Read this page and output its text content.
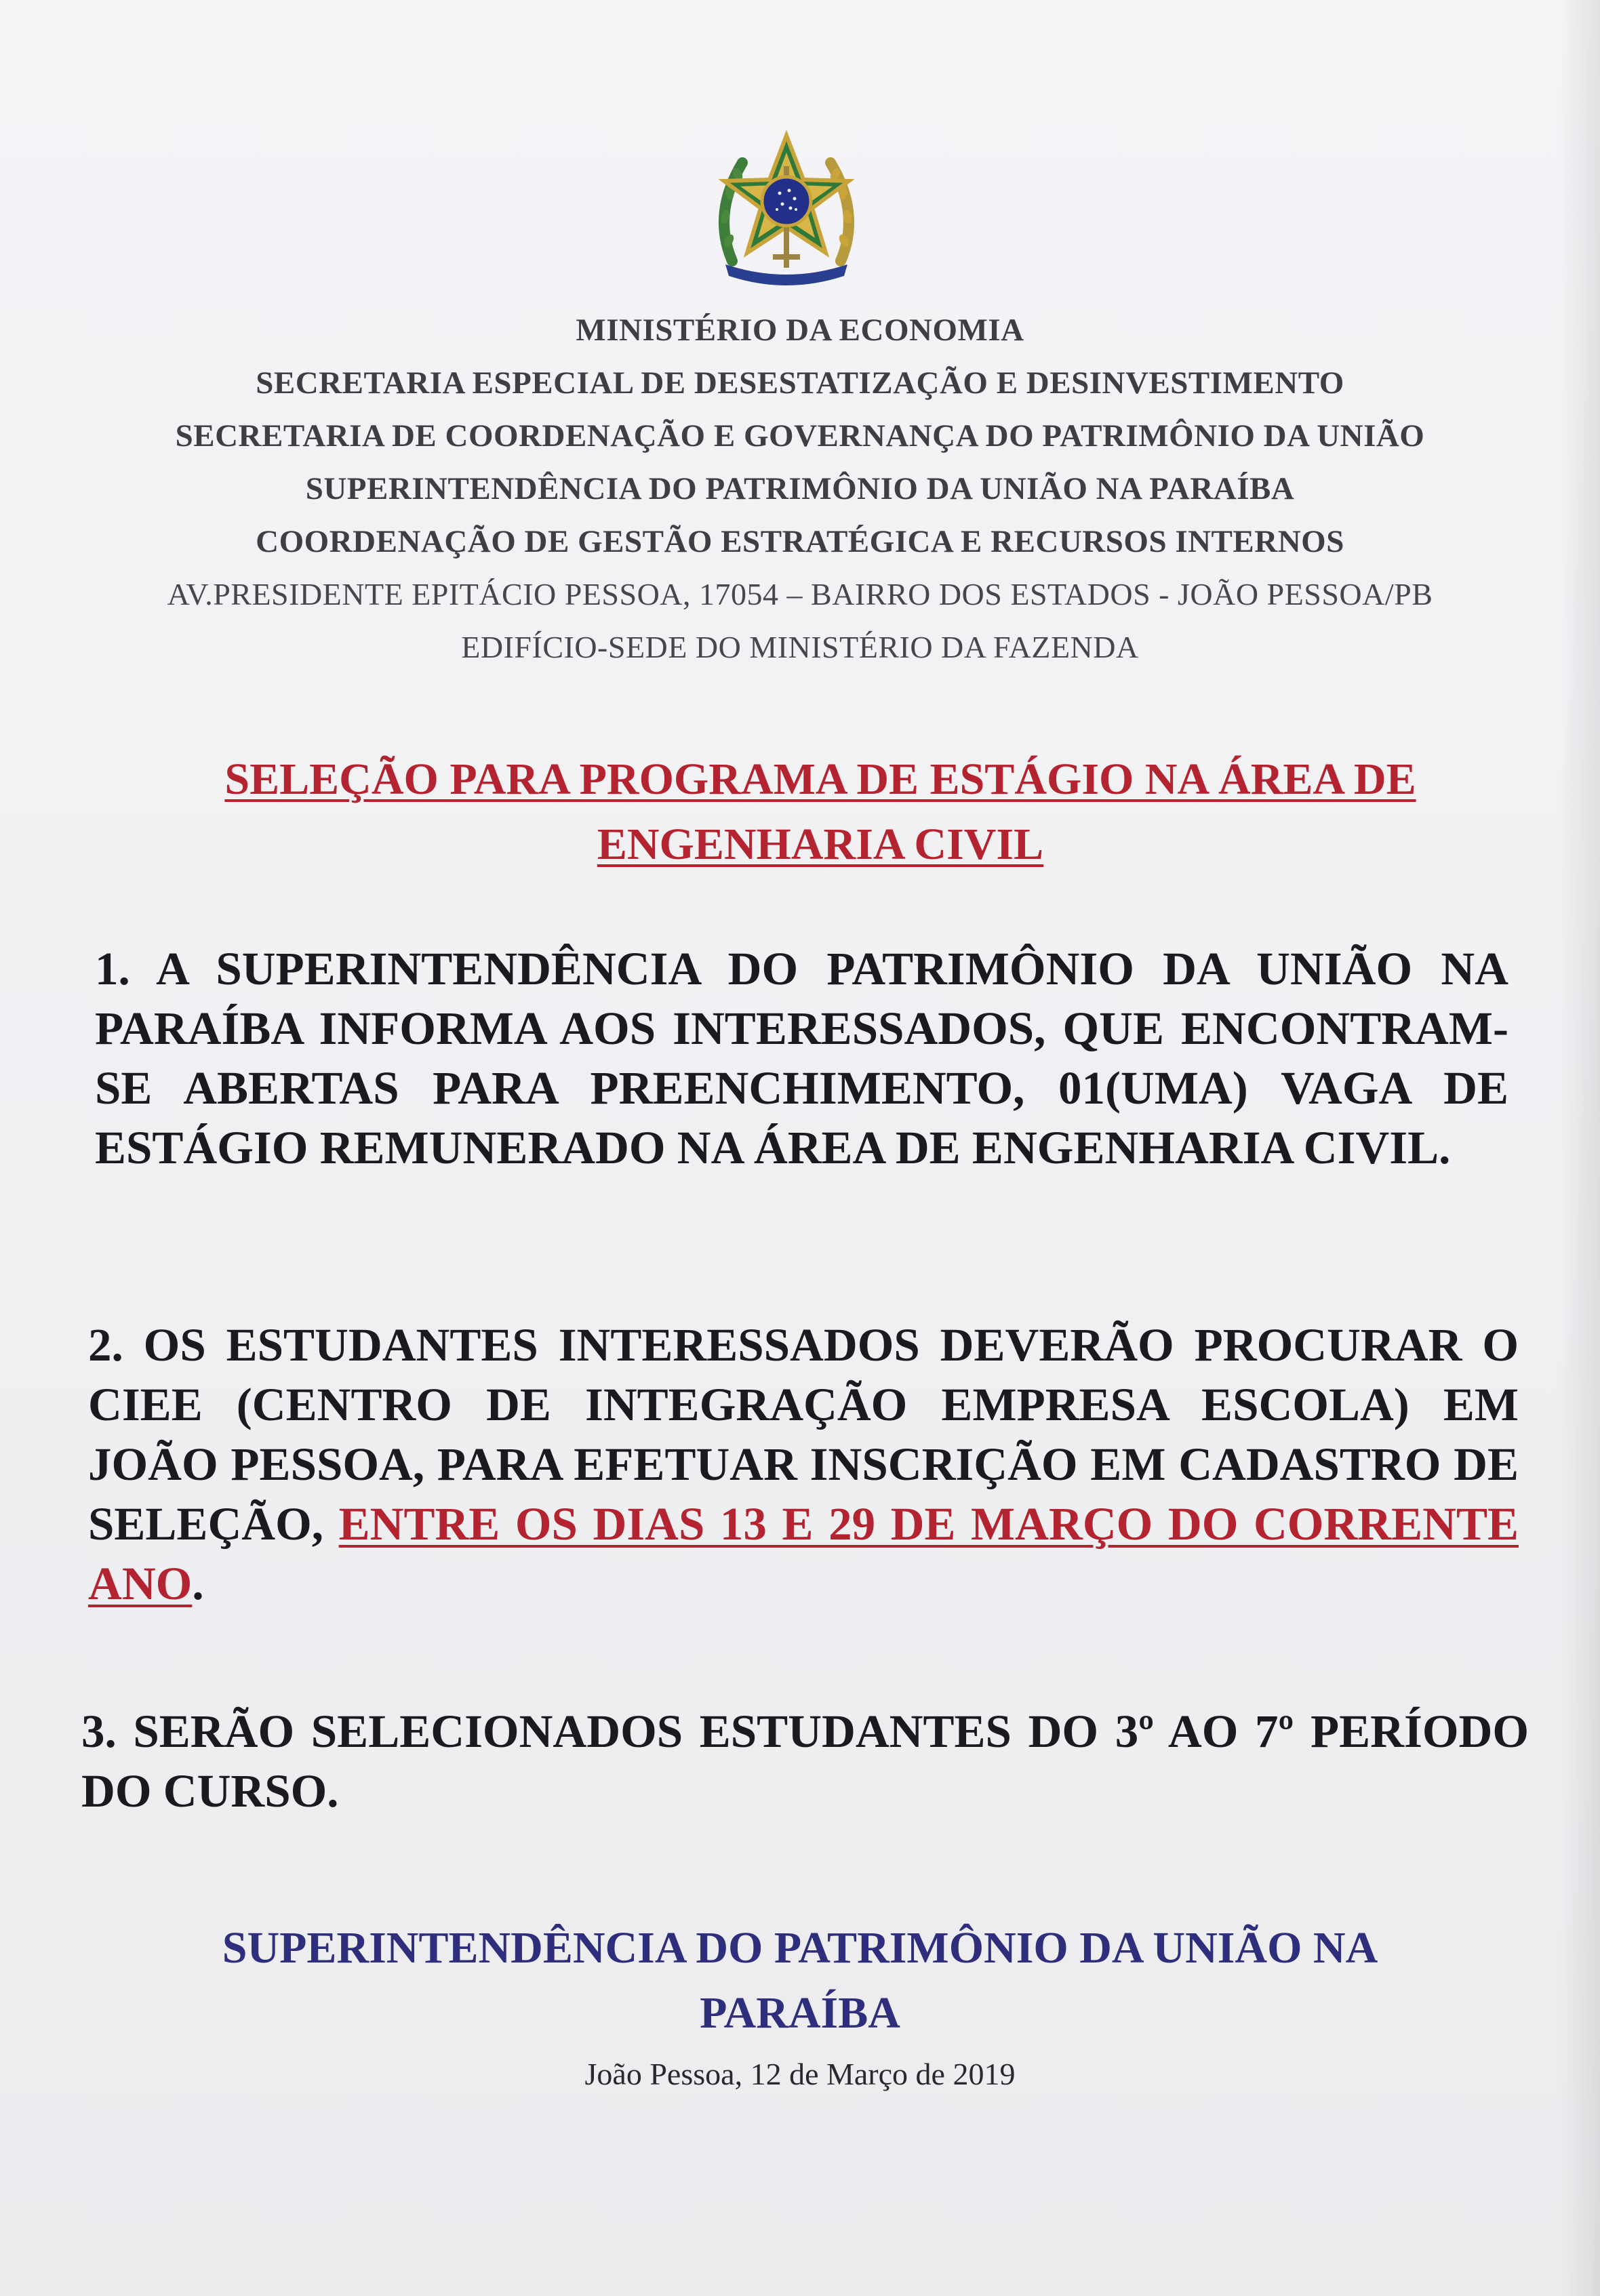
MINISTÉRIO DA ECONOMIA

SECRETARIA ESPECIAL DE DESESTATIZAÇÃO E DESINVESTIMENTO

SECRETARIA DE COORDENAÇÃO E GOVERNANÇA DO PATRIMÔNIO DA UNIÃO

SUPERINTENDÊNCIA DO PATRIMÔNIO DA UNIÃO NA PARAÍBA

COORDENAÇÃO DE GESTÃO ESTRATÉGICA E RECURSOS INTERNOS

AV.PRESIDENTE EPITÁCIO PESSOA, 17054 – BAIRRO DOS ESTADOS - JOÃO PESSOA/PB

EDIFÍCIO-SEDE DO MINISTÉRIO DA FAZENDA

SELEÇÃO PARA PROGRAMA DE ESTÁGIO NA ÁREA DE
ENGENHARIA CIVIL
1. A SUPERINTENDÊNCIA DO PATRIMÔNIO DA UNIÃO NA PARAÍBA INFORMA AOS INTERESSADOS, QUE ENCONTRAM-SE ABERTAS PARA PREENCHIMENTO, 01(UMA) VAGA DE ESTÁGIO REMUNERADO NA ÁREA DE ENGENHARIA CIVIL.
2. OS ESTUDANTES INTERESSADOS DEVERÃO PROCURAR O CIEE (CENTRO DE INTEGRAÇÃO EMPRESA ESCOLA) EM JOÃO PESSOA, PARA EFETUAR INSCRIÇÃO EM CADASTRO DE SELEÇÃO, ENTRE OS DIAS 13 E 29 DE MARÇO DO CORRENTE ANO.
3. SERÃO SELECIONADOS ESTUDANTES DO 3º AO 7º PERÍODO DO CURSO.
SUPERINTENDÊNCIA DO PATRIMÔNIO DA UNIÃO NA
PARAÍBA
João Pessoa, 12 de Março de 2019
